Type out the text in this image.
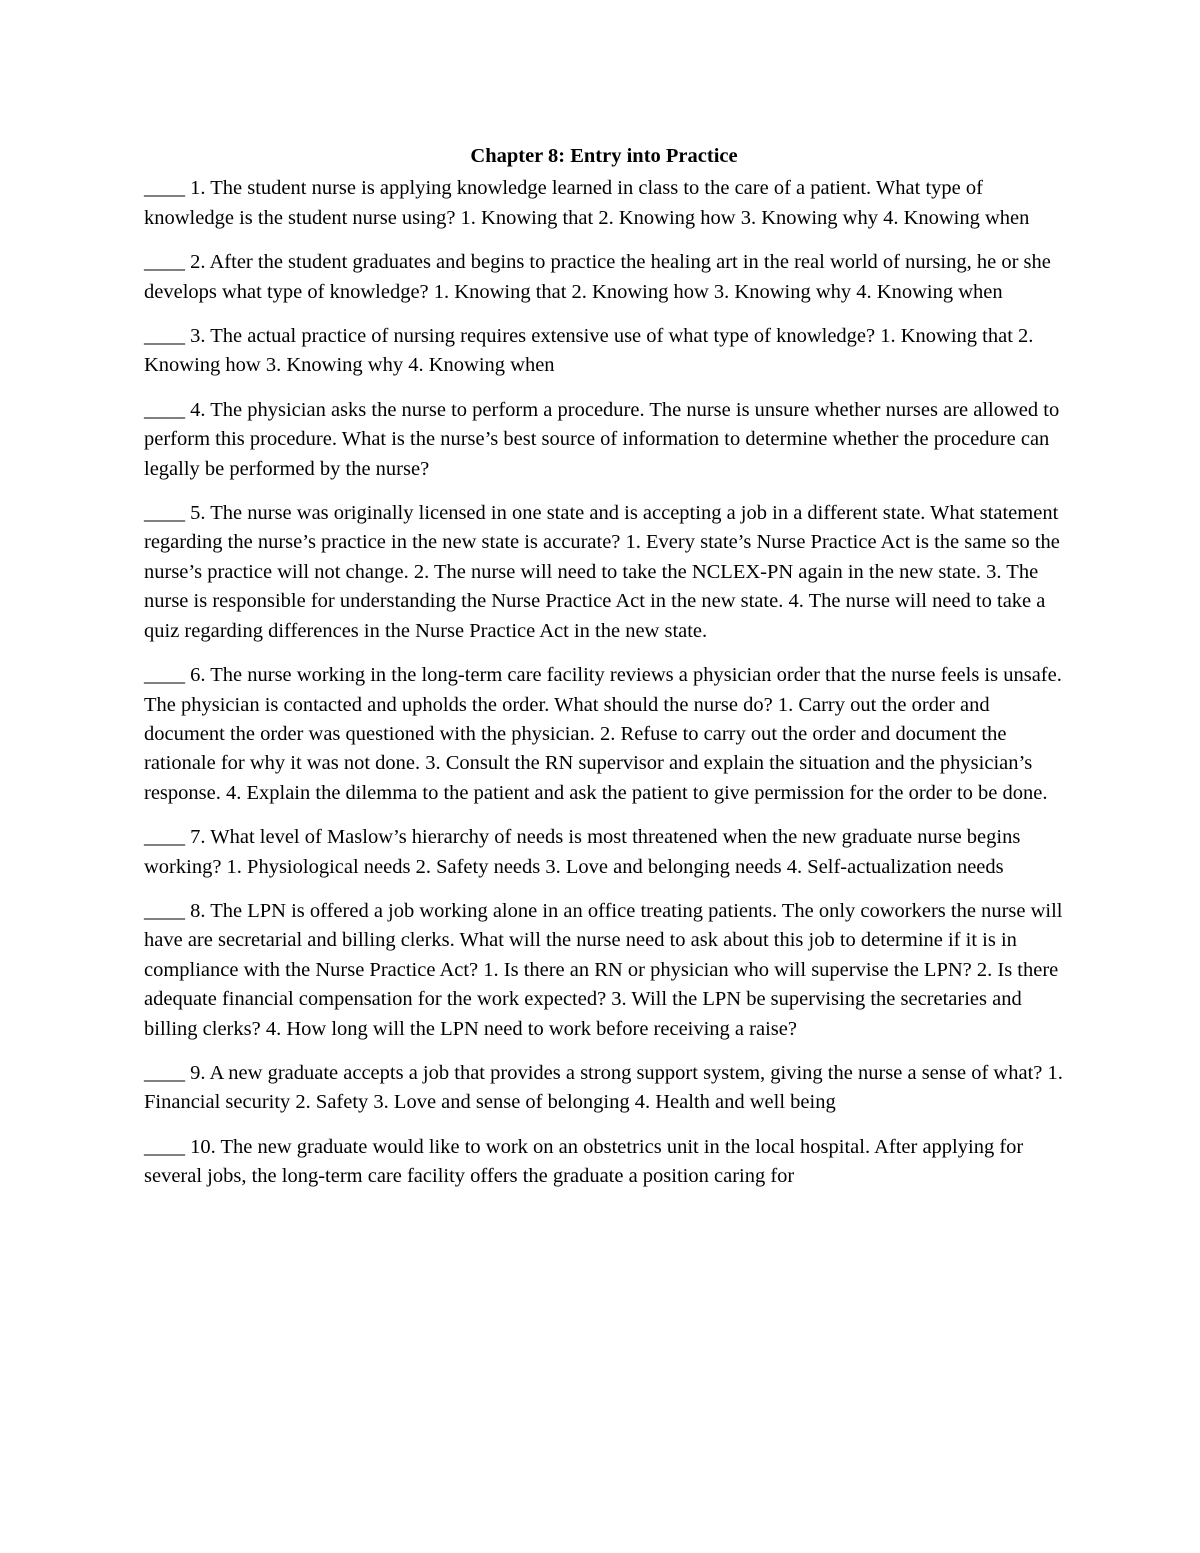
Chapter 8: Entry into Practice

____ 1. The student nurse is applying knowledge learned in class to the care of a patient. What type of knowledge is the student nurse using? 1. Knowing that 2. Knowing how 3. Knowing why 4. Knowing when

____ 2. After the student graduates and begins to practice the healing art in the real world of nursing, he or she develops what type of knowledge? 1. Knowing that 2. Knowing how 3. Knowing why 4. Knowing when

____ 3. The actual practice of nursing requires extensive use of what type of knowledge? 1. Knowing that 2. Knowing how 3. Knowing why 4. Knowing when

____ 4. The physician asks the nurse to perform a procedure. The nurse is unsure whether nurses are allowed to perform this procedure. What is the nurse’s best source of information to determine whether the procedure can legally be performed by the nurse?

____ 5. The nurse was originally licensed in one state and is accepting a job in a different state. What statement regarding the nurse’s practice in the new state is accurate? 1. Every state’s Nurse Practice Act is the same so the nurse’s practice will not change. 2. The nurse will need to take the NCLEX-PN again in the new state. 3. The nurse is responsible for understanding the Nurse Practice Act in the new state. 4. The nurse will need to take a quiz regarding differences in the Nurse Practice Act in the new state.

____ 6. The nurse working in the long-term care facility reviews a physician order that the nurse feels is unsafe. The physician is contacted and upholds the order. What should the nurse do? 1. Carry out the order and document the order was questioned with the physician. 2. Refuse to carry out the order and document the rationale for why it was not done. 3. Consult the RN supervisor and explain the situation and the physician’s response. 4. Explain the dilemma to the patient and ask the patient to give permission for the order to be done.

____ 7. What level of Maslow’s hierarchy of needs is most threatened when the new graduate nurse begins working? 1. Physiological needs 2. Safety needs 3. Love and belonging needs 4. Self-actualization needs

____ 8. The LPN is offered a job working alone in an office treating patients. The only coworkers the nurse will have are secretarial and billing clerks. What will the nurse need to ask about this job to determine if it is in compliance with the Nurse Practice Act? 1. Is there an RN or physician who will supervise the LPN? 2. Is there adequate financial compensation for the work expected? 3. Will the LPN be supervising the secretaries and billing clerks? 4. How long will the LPN need to work before receiving a raise?

____ 9. A new graduate accepts a job that provides a strong support system, giving the nurse a sense of what? 1. Financial security 2. Safety 3. Love and sense of belonging 4. Health and well being

____ 10. The new graduate would like to work on an obstetrics unit in the local hospital. After applying for several jobs, the long-term care facility offers the graduate a position caring for
